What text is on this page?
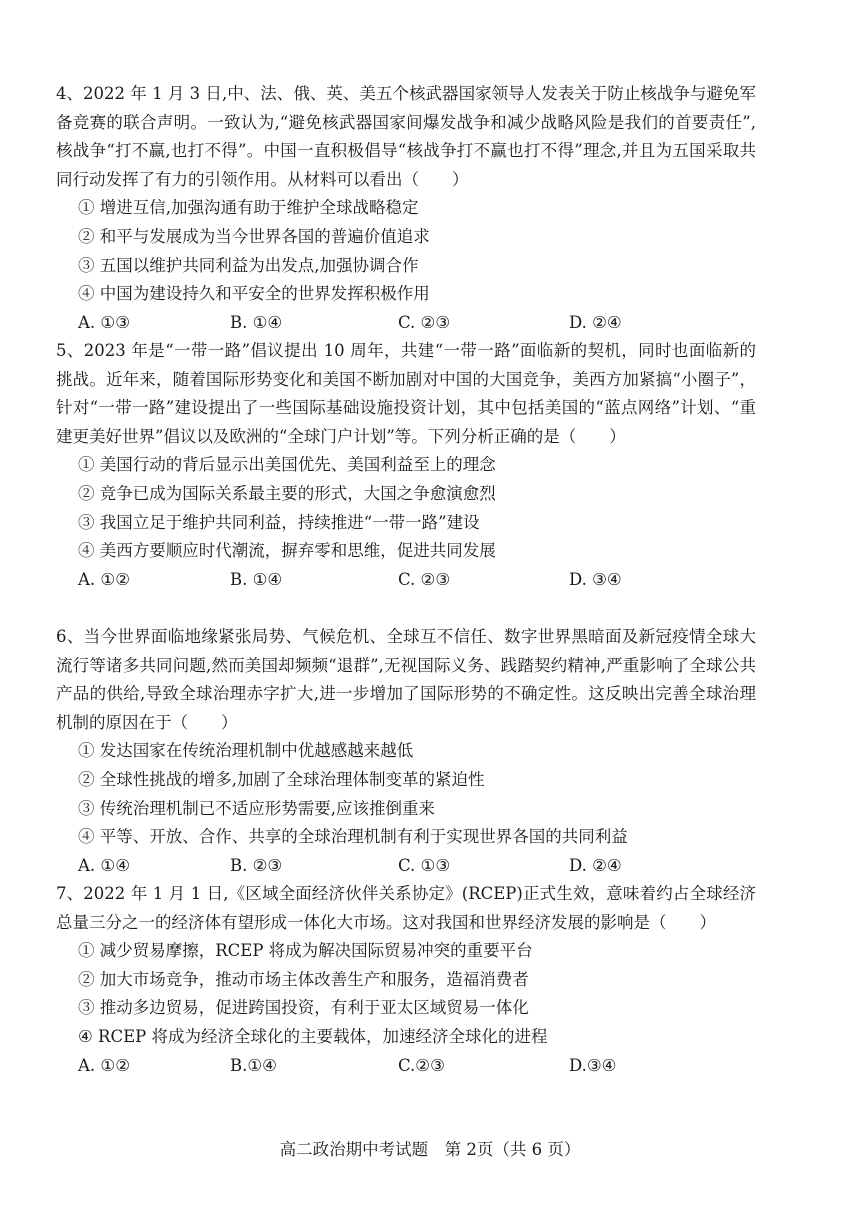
4、2022 年 1 月 3 日,中、法、俄、英、美五个核武器国家领导人发表关于防止核战争与避免军备竞赛的联合声明。一致认为,“避免核武器国家间爆发战争和减少战略风险是我们的首要责任”,核战争“打不赢,也打不得”。中国一直积极倡导“核战争打不赢也打不得”理念,并且为五国采取共同行动发挥了有力的引领作用。从材料可以看出（　　）
① 增进互信,加强沟通有助于维护全球战略稳定
② 和平与发展成为当今世界各国的普遍价值追求
③ 五国以维护共同利益为出发点,加强协调合作
④ 中国为建设持久和平安全的世界发挥积极作用
A. ①③	B. ①④	C. ②③	D. ②④
5、2023 年是“一带一路”倡议提出 10 周年，共建“一带一路”面临新的契机，同时也面临新的挑战。近年来，随着国际形势变化和美国不断加剧对中国的大国竞争，美西方加紧搞“小圈子”，针对“一带一路”建设提出了一些国际基础设施投资计划，其中包括美国的“蓝点网络”计划、“重建更美好世界”倡议以及欧洲的“全球门户计划”等。下列分析正确的是（　　）
① 美国行动的背后显示出美国优先、美国利益至上的理念
② 竞争已成为国际关系最主要的形式，大国之争愈演愈烈
③ 我国立足于维护共同利益，持续推进“一带一路”建设
④ 美西方要顺应时代潮流，摒弃零和思维，促进共同发展
A. ①②	B. ①④	C. ②③	D. ③④
6、当今世界面临地缘紧张局势、气候危机、全球互不信任、数字世界黑暗面及新冠疫情全球大流行等诸多共同问题,然而美国却频频“退群”,无视国际义务、践踏契约精神,严重影响了全球公共产品的供给,导致全球治理赤字扩大,进一步增加了国际形势的不确定性。这反映出完善全球治理机制的原因在于（　　）
① 发达国家在传统治理机制中优越感越来越低
② 全球性挑战的增多,加剧了全球治理体制变革的紧迫性
③ 传统治理机制已不适应形势需要,应该推倒重来
④ 平等、开放、合作、共享的全球治理机制有利于实现世界各国的共同利益
A. ①④	B. ②③	C. ①③	D. ②④
7、2022 年 1 月 1 日,《区域全面经济伙伴关系协定》(RCEP)正式生效，意味着约占全球经济总量三分之一的经济体有望形成一体化大市场。这对我国和世界经济发展的影响是（　　）
① 减少贸易摩擦，RCEP 将成为解决国际贸易冲突的重要平台
② 加大市场竞争，推动市场主体改善生产和服务，造福消费者
③ 推动多边贸易，促进跨国投资，有利于亚太区域贸易一体化
④ RCEP 将成为经济全球化的主要载体，加速经济全球化的进程
A. ①②	B.①④	C.②③	D.③④
高二政治期中考试题　第 2页（共 6 页）
